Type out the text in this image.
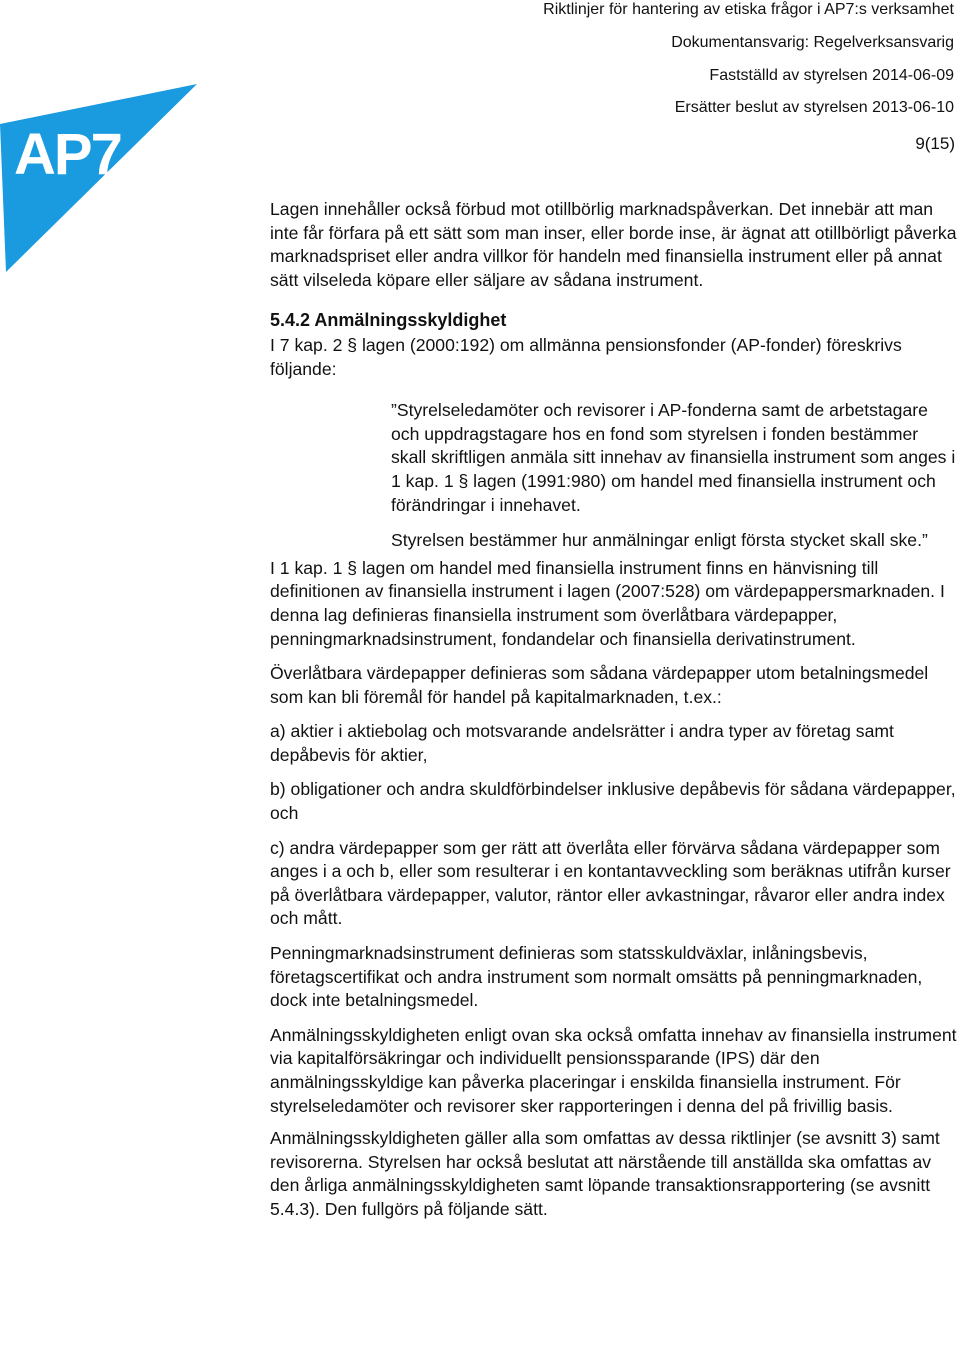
AP7
Riktlinjer för hantering av etiska frågor i AP7:s verksamhet
Dokumentansvarig: Regelverksansvarig
Fastställd av styrelsen 2014-06-09
Ersätter beslut av styrelsen 2013-06-10
9(15)

Lagen innehåller också förbud mot otillbörlig marknadspåverkan. Det innebär att man inte får förfara på ett sätt som man inser, eller borde inse, är ägnat att otillbörligt påverka marknadspriset eller andra villkor för handeln med finansiella instrument eller på annat sätt vilseleda köpare eller säljare av sådana instrument.

5.4.2 Anmälningsskyldighet

I 7 kap. 2 § lagen (2000:192) om allmänna pensionsfonder (AP-fonder) föreskrivs följande:

”Styrelseledamöter och revisorer i AP-fonderna samt de arbetstagare och uppdragstagare hos en fond som styrelsen i fonden bestämmer skall skriftligen anmäla sitt innehav av finansiella instrument som anges i 1 kap. 1 § lagen (1991:980) om handel med finansiella instrument och förändringar i innehavet.

Styrelsen bestämmer hur anmälningar enligt första stycket skall ske.”

I 1 kap. 1 § lagen om handel med finansiella instrument finns en hänvisning till definitionen av finansiella instrument i lagen (2007:528) om värdepappersmarknaden. I denna lag definieras finansiella instrument som överlåtbara värdepapper, penningmarknadsinstrument, fondandelar och finansiella derivatinstrument.

Överlåtbara värdepapper definieras som sådana värdepapper utom betalningsmedel som kan bli föremål för handel på kapitalmarknaden, t.ex.:

a) aktier i aktiebolag och motsvarande andelsrätter i andra typer av företag samt depåbevis för aktier,

b) obligationer och andra skuldförbindelser inklusive depåbevis för sådana värdepapper, och

c) andra värdepapper som ger rätt att överlåta eller förvärva sådana värdepapper som anges i a och b, eller som resulterar i en kontantavveckling som beräknas utifrån kurser på överlåtbara värdepapper, valutor, räntor eller avkastningar, råvaror eller andra index och mått.

Penningmarknadsinstrument definieras som statsskuldväxlar, inlåningsbevis, företagscertifikat och andra instrument som normalt omsätts på penningmarknaden, dock inte betalningsmedel.

Anmälningsskyldigheten enligt ovan ska också omfatta innehav av finansiella instrument via kapitalförsäkringar och individuellt pensionssparande (IPS) där den anmälningsskyldige kan påverka placeringar i enskilda finansiella instrument. För styrelseledamöter och revisorer sker rapporteringen i denna del på frivillig basis.

Anmälningsskyldigheten gäller alla som omfattas av dessa riktlinjer (se avsnitt 3) samt revisorerna. Styrelsen har också beslutat att närstående till anställda ska omfattas av den årliga anmälningsskyldigheten samt löpande transaktionsrapportering (se avsnitt 5.4.3). Den fullgörs på följande sätt.
